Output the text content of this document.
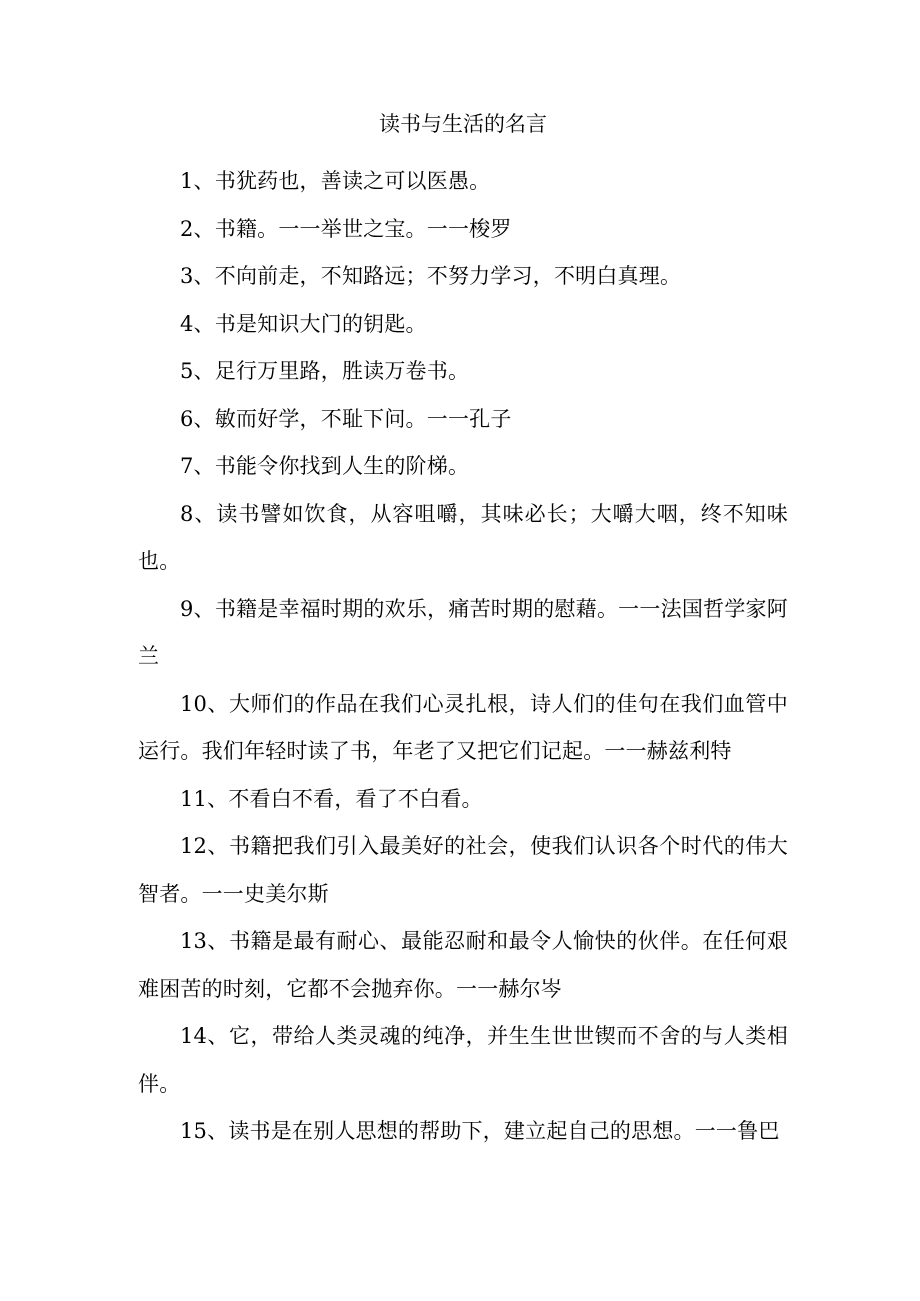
读书与生活的名言

1、书犹药也，善读之可以医愚。

2、书籍。一一举世之宝。一一梭罗

3、不向前走，不知路远；不努力学习，不明白真理。

4、书是知识大门的钥匙。

5、足行万里路，胜读万卷书。

6、敏而好学，不耻下问。一一孔子

7、书能令你找到人生的阶梯。

8、读书譬如饮食，从容咀嚼，其味必长；大嚼大咽，终不知味也。

9、书籍是幸福时期的欢乐，痛苦时期的慰藉。一一法国哲学家阿兰

10、大师们的作品在我们心灵扎根，诗人们的佳句在我们血管中运行。我们年轻时读了书，年老了又把它们记起。一一赫兹利特

11、不看白不看，看了不白看。

12、书籍把我们引入最美好的社会，使我们认识各个时代的伟大智者。一一史美尔斯

13、书籍是最有耐心、最能忍耐和最令人愉快的伙伴。在任何艰难困苦的时刻，它都不会抛弃你。一一赫尔岑

14、它，带给人类灵魂的纯净，并生生世世锲而不舍的与人类相伴。

15、读书是在别人思想的帮助下，建立起自己的思想。一一鲁巴
